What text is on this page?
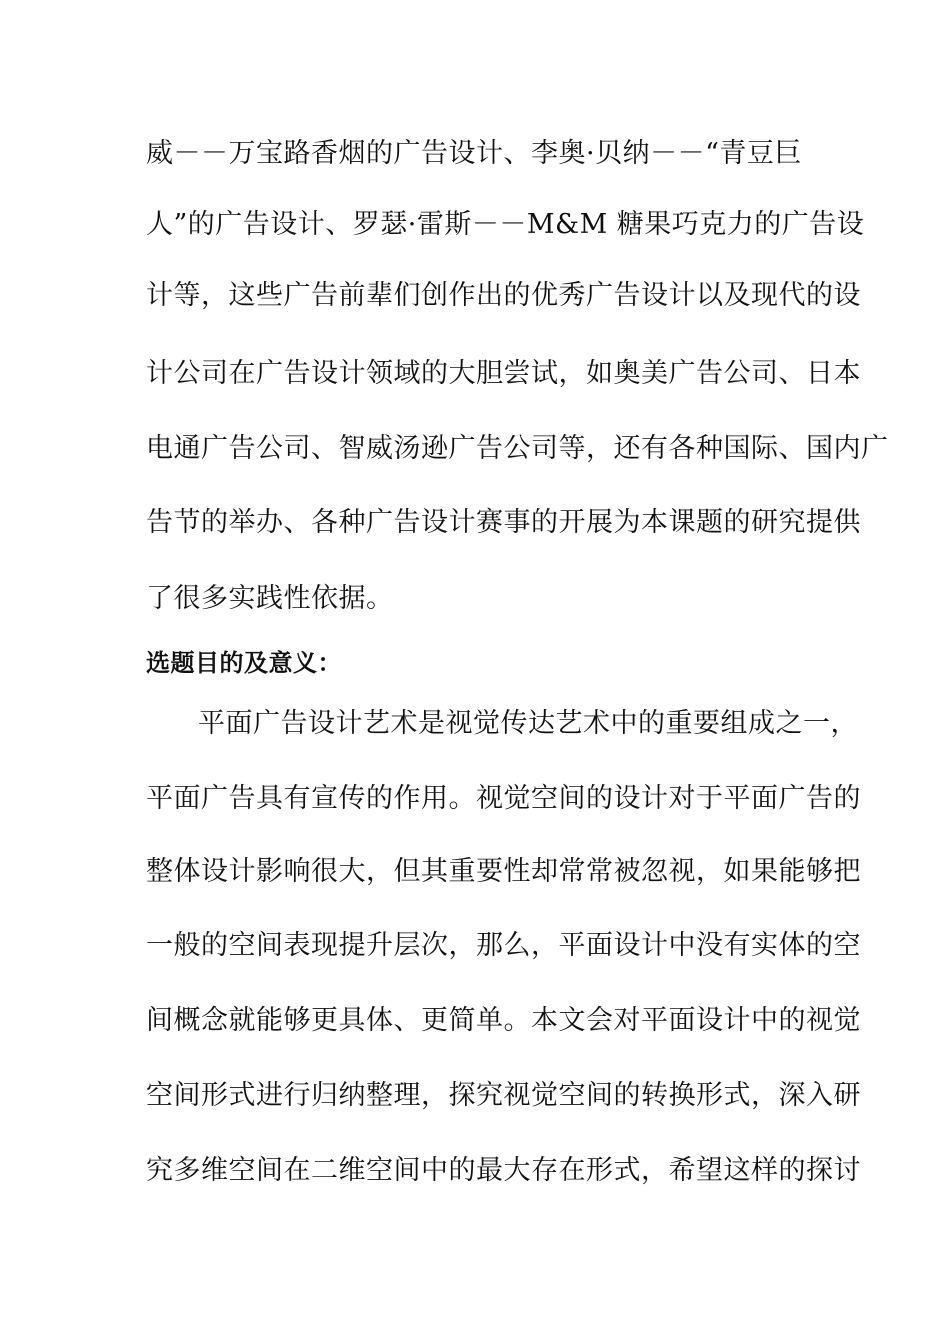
威－－万宝路香烟的广告设计、李奥·贝纳－－“青豆巨
人”的广告设计、罗瑟·雷斯－－M&M 糖果巧克力的广告设
计等，这些广告前辈们创作出的优秀广告设计以及现代的设
计公司在广告设计领域的大胆尝试，如奥美广告公司、日本
电通广告公司、智威汤逊广告公司等，还有各种国际、国内广
告节的举办、各种广告设计赛事的开展为本课题的研究提供
了很多实践性依据。
选题目的及意义：
平面广告设计艺术是视觉传达艺术中的重要组成之一，
平面广告具有宣传的作用。视觉空间的设计对于平面广告的
整体设计影响很大，但其重要性却常常被忽视，如果能够把
一般的空间表现提升层次，那么，平面设计中没有实体的空
间概念就能够更具体、更简单。本文会对平面设计中的视觉
空间形式进行归纳整理，探究视觉空间的转换形式，深入研
究多维空间在二维空间中的最大存在形式，希望这样的探讨
